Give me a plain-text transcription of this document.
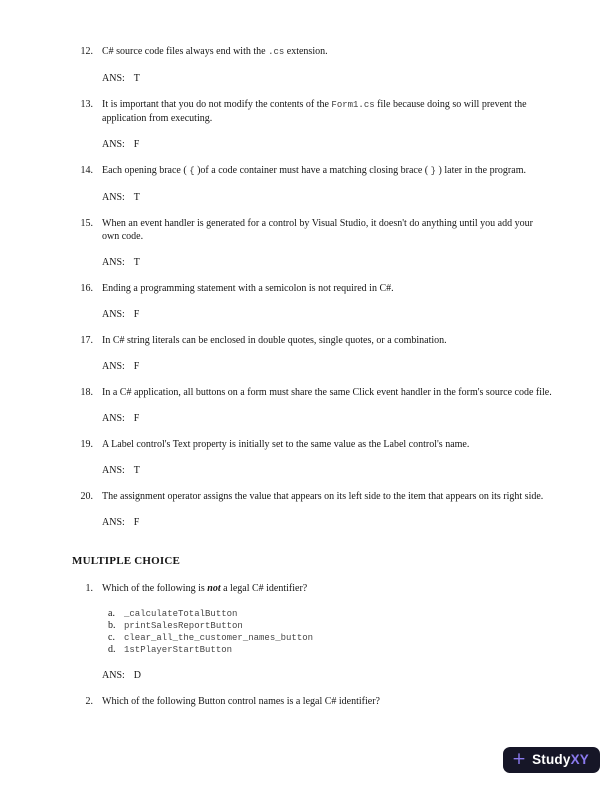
12. C# source code files always end with the .cs extension.
ANS: T
13. It is important that you do not modify the contents of the Form1.cs file because doing so will prevent the application from executing.
ANS: F
14. Each opening brace ( { )of a code container must have a matching closing brace ( } ) later in the program.
ANS: T
15. When an event handler is generated for a control by Visual Studio, it doesn't do anything until you add your own code.
ANS: T
16. Ending a programming statement with a semicolon is not required in C#.
ANS: F
17. In C# string literals can be enclosed in double quotes, single quotes, or a combination.
ANS: F
18. In a C# application, all buttons on a form must share the same Click event handler in the form's source code file.
ANS: F
19. A Label control's Text property is initially set to the same value as the Label control's name.
ANS: T
20. The assignment operator assigns the value that appears on its left side to the item that appears on its right side.
ANS: F
MULTIPLE CHOICE
1. Which of the following is not a legal C# identifier?
a.	_calculateTotalButton
b. printSalesReportButton
c.	clear_all_the_customer_names_button
d. 1stPlayerStartButton
ANS: D
2. Which of the following Button control names is a legal C# identifier?
+ StudyXY
